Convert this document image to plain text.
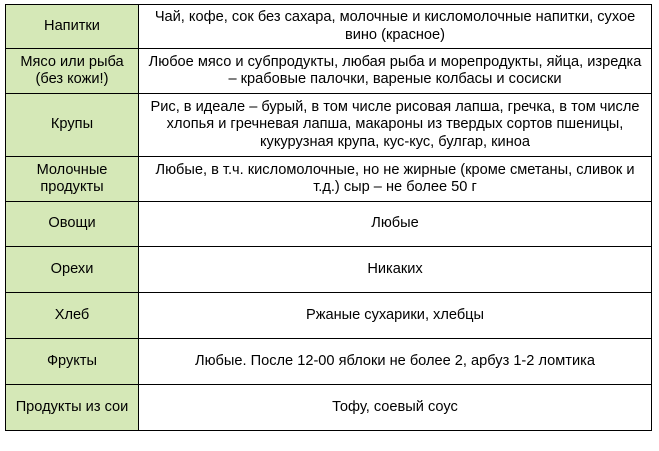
Напитки	Чай, кофе, сок без сахара, молочные и кисломолочные напитки, сухое вино (красное)
Мясо или рыба (без кожи!)	Любое мясо и субпродукты, любая рыба и морепродукты, яйца, изредка – крабовые палочки, вареные колбасы и сосиски
Крупы	Рис, в идеале – бурый, в том числе рисовая лапша, гречка, в том числе хлопья и гречневая лапша, макароны из твердых сортов пшеницы, кукурузная крупа, кус-кус, булгар, киноа
Молочные продукты	Любые, в т.ч. кисломолочные, но не жирные (кроме сметаны, сливок и т.д.) сыр – не более 50 г
Овощи	Любые
Орехи	Никаких
Хлеб	Ржаные сухарики, хлебцы
Фрукты	Любые. После 12-00 яблоки не более 2, арбуз 1-2 ломтика
Продукты из сои	Тофу, соевый соус
